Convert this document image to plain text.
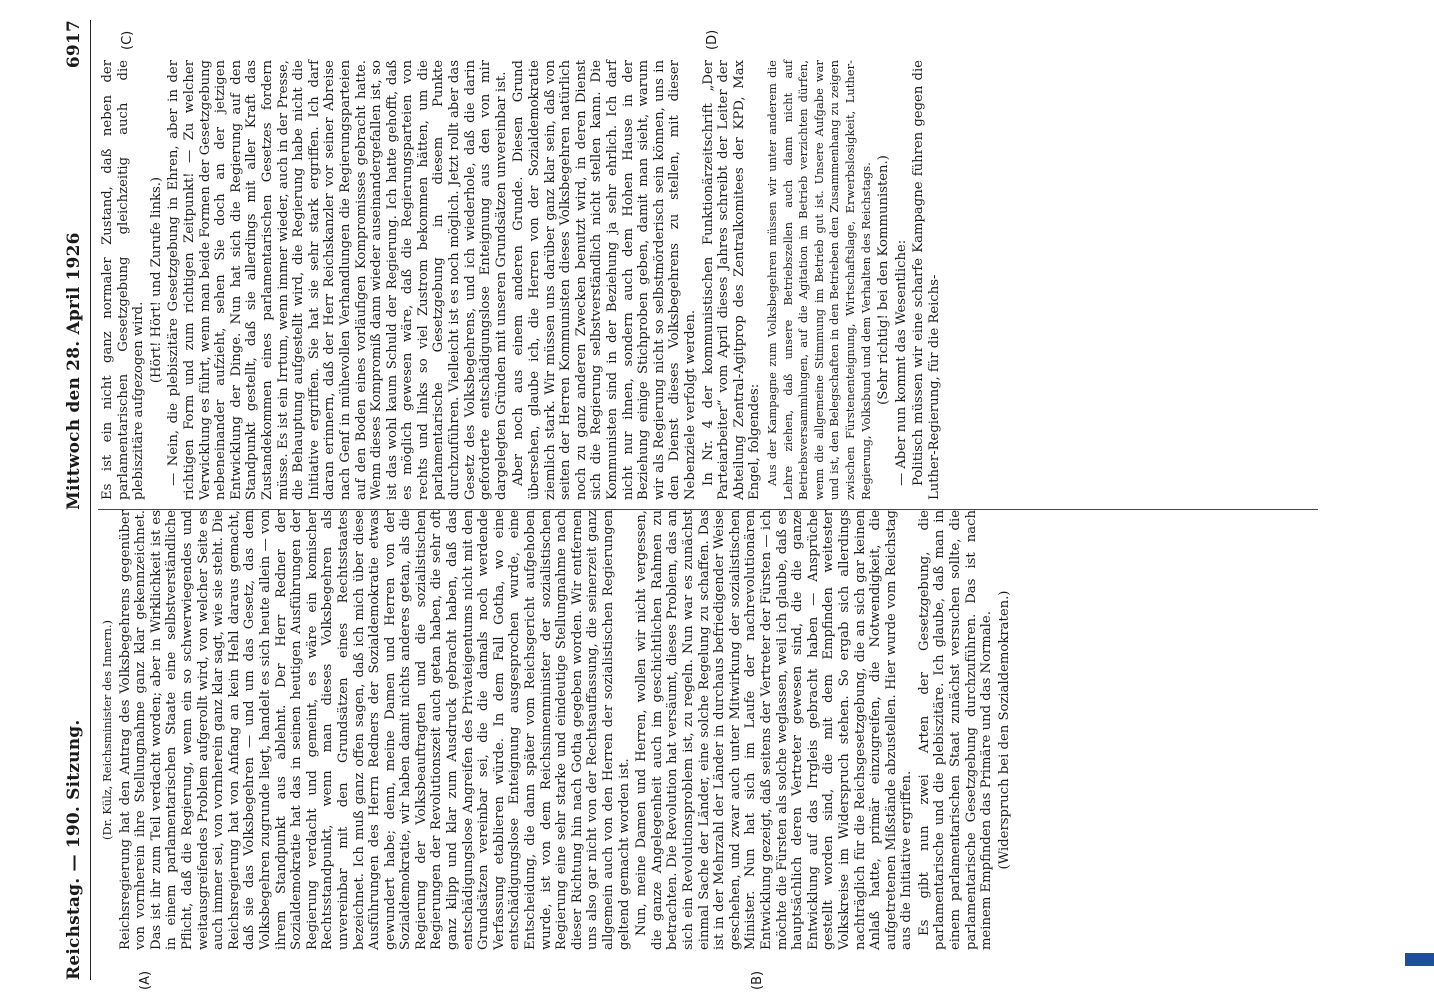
Reichstag. — 190. Sitzung.
Mittwoch den 28. April 1926
6917
(A)	(B)
(C)	(D)

(Dr. Külz, Reichsminister des Innern.) Reichsregierung hat den Antrag des Volksbegehrens gegenüber von vornherein ihre Stellungnahme ganz klar gekennzeichnet. Das ist ihr zum Teil verdacht worden; aber in Wirklichkeit ist es in einem parlamentarischen Staate eine selbstverständliche Pflicht, daß die Regierung, wenn ein so schwerwiegendes und weitausgreifendes Problem aufgerollt wird, von welcher Seite es auch immer sei, von vornherein ganz klar sagt, wie sie steht. Die Reichsregierung hat von Anfang an kein Hehl daraus gemacht, daß sie das Volksbegehren — und um das Gesetz, das dem Volksbegehren zugrunde liegt, handelt es sich heute allein — von ihrem Standpunkt aus ablehnt. Der Herr Redner der Sozialdemokratie hat das in seinen heutigen Ausführungen der Regierung verdacht und gemeint, es wäre ein komischer Rechtsstandpunkt, wenn man dieses Volksbegehren als unvereinbar mit den Grundsätzen eines Rechtsstaates bezeichnet. Ich muß ganz offen sagen, daß ich mich über diese Ausführungen des Herrn Redners der Sozialdemokratie etwas gewundert habe; denn, meine Damen und Herren von der Sozialdemokratie, wir haben damit nichts anderes getan, als die Regierung der Volksbeauftragten und die sozialistischen Regierungen der Revolutionszeit auch getan haben, die sehr oft ganz klipp und klar zum Ausdruck gebracht haben, daß das entschädigungslose Angreifen des Privateigentums nicht mit den Grundsätzen vereinbar sei, die die damals noch werdende Verfassung etablieren würde. In dem Fall Gotha, wo eine entschädigungslose Enteignung ausgesprochen wurde, eine Entscheidung, die dann später vom Reichsgericht aufgehoben wurde, ist von dem Reichsinnenminister der sozialistischen Regierung eine sehr starke und eindeutige Stellungnahme nach dieser Richtung hin nach Gotha gegeben worden. Wir entfernen uns also gar nicht von der Rechtsauffassung, die seinerzeit ganz allgemein auch von den Herren der sozialistischen Regierungen geltend gemacht worden ist. Nun, meine Damen und Herren, wollen wir nicht vergessen, die ganze Angelegenheit auch im geschichtlichen Rahmen zu betrachten. Die Revolution hat versäumt, dieses Problem, das an sich ein Revolutionsproblem ist, zu regeln. Nun war es zunächst einmal Sache der Länder, eine solche Regelung zu schaffen. Das ist in der Mehrzahl der Länder in durchaus befriedigender Weise geschehen, und zwar auch unter Mitwirkung der sozialistischen Minister. Nun hat sich im Laufe der nachrevolutionären Entwicklung gezeigt, daß seitens der Vertreter der Fürsten — ich möchte die Fürsten als solche weglassen, weil ich glaube, daß es hauptsächlich deren Vertreter gewesen sind, die die ganze Entwicklung auf das Irrgleis gebracht haben — Ansprüche gestellt worden sind, die mit dem Empfinden weitester Volkskreise im Widerspruch stehen. So ergab sich allerdings nachträglich für die Reichsgesetzgebung, die an sich gar keinen Anlaß hatte, primär einzugreifen, die Notwendigkeit, die aufgetretenen Mißstände abzustellen. Hier wurde vom Reichstag aus die Initiative ergriffen. Es gibt nun zwei Arten der Gesetzgebung, die parlamentarische und die plebiszitäre. Ich glaube, daß man in einem parlamentarischen Staat zunächst versuchen sollte, die parlamentarische Gesetzgebung durchzuführen. Das ist nach meinem Empfinden das Primäre und das Normale. (Widerspruch bei den Sozialdemokraten.)

Es ist ein nicht ganz normaler Zustand, daß neben der parlamentarischen Gesetzgebung gleichzeitig auch die plebiszitäre aufgezogen wird.

(Hört! Hört! und Zurufe links.) — Nein, die plebiszitäre Gesetzgebung in Ehren, aber in der richtigen Form und zum richtigen Zeitpunkt! — Zu welcher Verwicklung es führt, wenn man beide Formen der Gesetzgebung nebeneinander aufzieht, sehen Sie doch an der jetzigen Entwicklung der Dinge. Nun hat sich die Regierung auf den Standpunkt gestellt, daß sie allerdings mit aller Kraft das Zustandekommen eines parlamentarischen Gesetzes fordern müsse. Es ist ein Irrtum, wenn immer wieder, auch in der Presse, die Behauptung aufgestellt wird, die Regierung habe nicht die Initiative ergriffen. Sie hat sie sehr stark ergriffen. Ich darf daran erinnern, daß der Herr Reichskanzler vor seiner Abreise nach Genf in mühevollen Verhandlungen die Regierungsparteien auf den Boden eines vorläufigen Kompromisses gebracht hatte. Wenn dieses Kompromiß dann wieder auseinandergefallen ist, so ist das wohl kaum Schuld der Regierung. Ich hatte gehofft, daß es möglich gewesen wäre, daß die Regierungsparteien von rechts und links so viel Zustrom bekommen hätten, um die parlamentarische Gesetzgebung in diesem Punkte durchzuführen. Vielleicht ist es noch möglich. Jetzt rollt aber das Gesetz des Volksbegehrens, und ich wiederhole, daß die darin geforderte entschädigungslose Enteignung aus den von mir dargelegten Gründen mit unseren Grundsätzen unvereinbar ist. Aber noch aus einem anderen Grunde. Diesen Grund übersehen, glaube ich, die Herren von der Sozialdemokratie ziemlich stark. Wir müssen uns darüber ganz klar sein, daß von seiten der Herren Kommunisten dieses Volksbegehren natürlich noch zu ganz anderen Zwecken benutzt wird, in deren Dienst sich die Regierung selbstverständlich nicht stellen kann. Die Kommunisten sind in der Beziehung ja sehr ehrlich. Ich darf nicht nur ihnen, sondern auch dem Hohen Hause in der Beziehung einige Stichproben geben, damit man sieht, warum wir als Regierung nicht so selbstmörderisch sein können, uns in den Dienst dieses Volksbegehrens zu stellen, mit dieser Nebenziele verfolgt werden. In Nr. 4 der kommunistischen Funktionärzeitschrift „Der Parteiarbeiter“ vom April dieses Jahres schreibt der Leiter der Abteilung Zentral-Agitprop des Zentralkomitees der KPD, Max Engel, folgendes: Aus der Kampagne zum Volksbegehren müssen wir unter anderem die Lehre ziehen, daß unsere Betriebszellen auch dann nicht auf Betriebsversammlungen, auf die Agitation im Betrieb verzichten dürfen, wenn die allgemeine Stimmung im Betrieb gut ist. Unsere Aufgabe war und ist, den Belegschaften in den Betrieben den Zusammenhang zu zeigen zwischen Fürstenenteignung, Wirtschaftslage, Erwerbslosigkeit, Luther-Regierung, Volksbund und dem Verhalten des Reichstags. (Sehr richtig! bei den Kommunisten.) — Aber nun kommt das Wesentliche: Politisch müssen wir eine scharfe Kampagne führen gegen die Luther-Regierung, für die Reichs-
